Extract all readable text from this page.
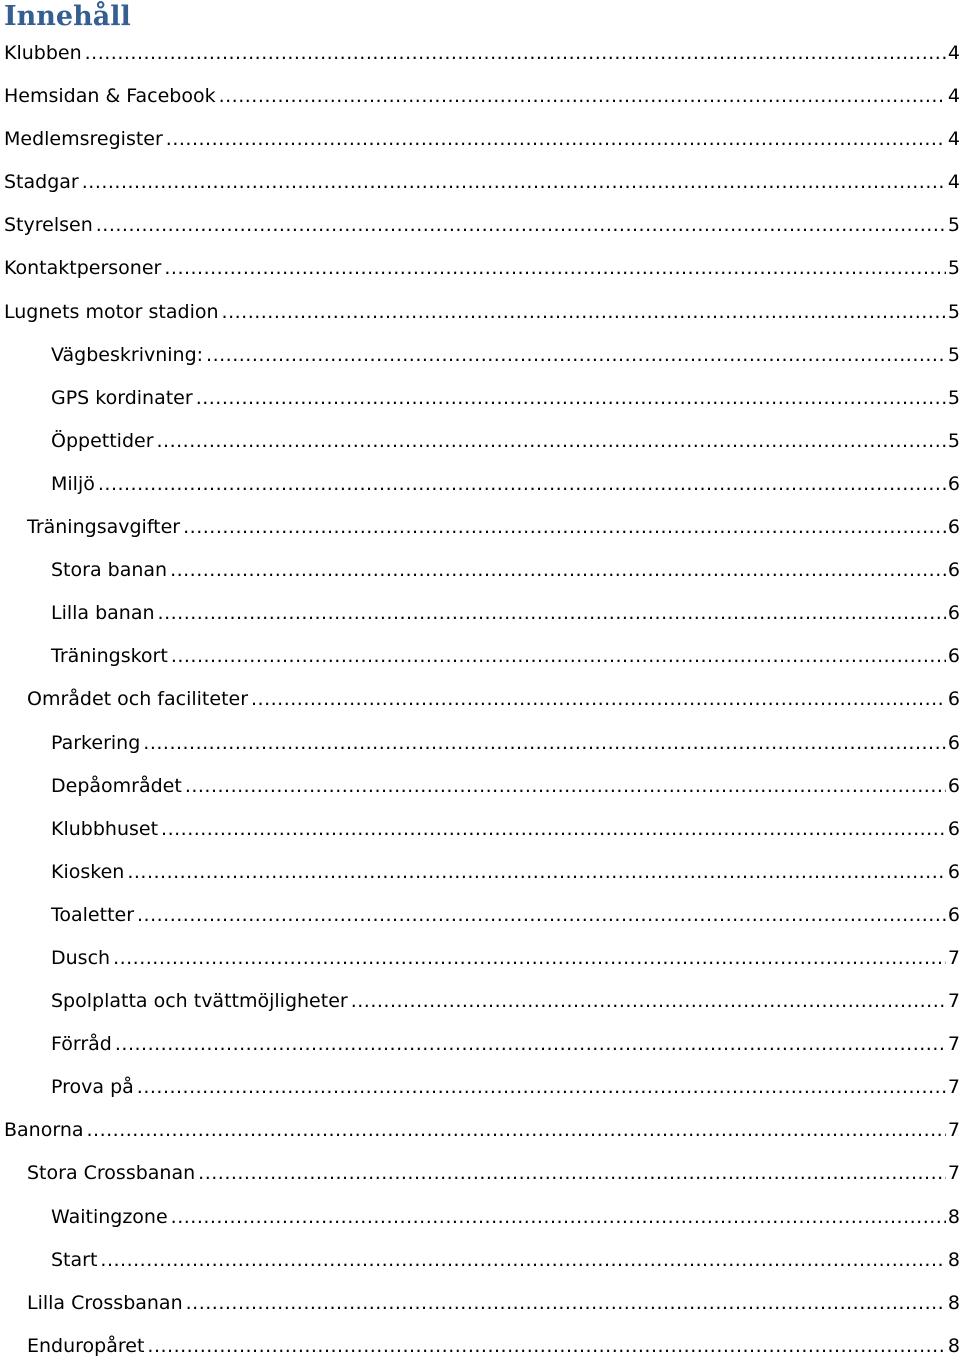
Innehåll
Klubben .....	4
Hemsidan & Facebook .....	4
Medlemsregister .....	4
Stadgar .....	4
Styrelsen .....	5
Kontaktpersoner .....	5
Lugnets motor stadion .....	5
Vägbeskrivning: .....	5
GPS kordinater .....	5
Öppettider .....	5
Miljö .....	6
Träningsavgifter .....	6
Stora banan .....	6
Lilla banan .....	6
Träningskort .....	6
Området och faciliteter .....	6
Parkering .....	6
Depåområdet .....	6
Klubbhuset .....	6
Kiosken .....	6
Toaletter .....	6
Dusch .....	7
Spolplatta och tvättmöjligheter .....	7
Förråd .....	7
Prova på .....	7
Banorna .....	7
Stora Crossbanan .....	7
Waitingzone .....	8
Start .....	8
Lilla Crossbanan .....	8
Enduropåret .....	8
